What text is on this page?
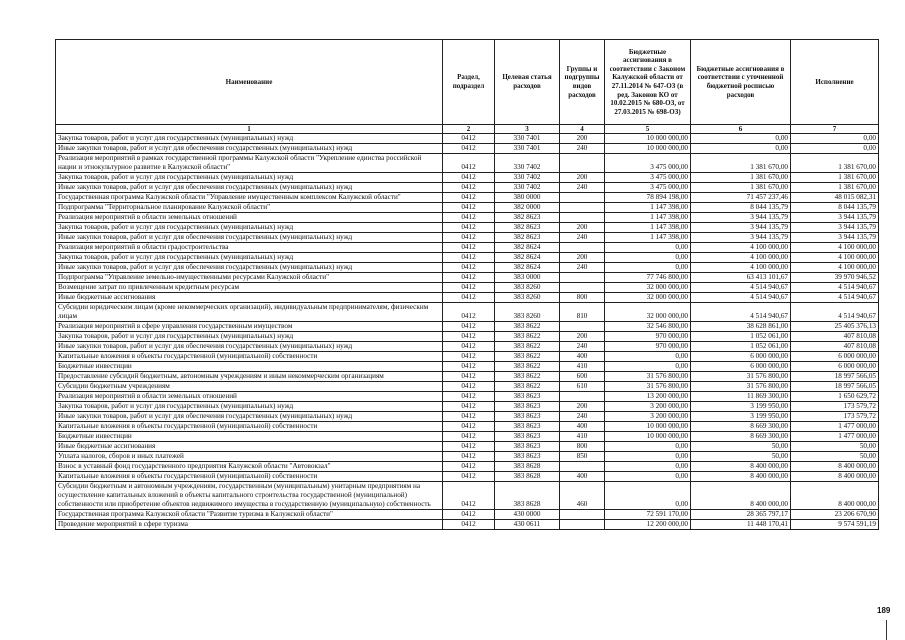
Наименование	Раздел, подраздел	Целевая статья расходов	Группы и подгруппы видов расходов	Бюджетные ассигнования в соответствии с Законом Калужской области от 27.11.2014 № 647-ОЗ (в ред. Законов КО от 10.02.2015 № 680-ОЗ, от 27.03.2015 № 698-ОЗ)	Бюджетные ассигнования в соответствии с уточненной бюджетной росписью расходов	Исполнение
1	2	3	4	5	6	7
Закупка товаров, работ и услуг для государственных (муниципальных) нужд	0412	330 7401	200	10 000 000,00	0,00	0,00
Иные закупки товаров, работ и услуг для обеспечения государственных (муниципальных) нужд	0412	330 7401	240	10 000 000,00	0,00	0,00
Реализация мероприятий в рамках государственной программы Калужской области "Укрепление единства российской нации и этнокультурное развитие в Калужской области"	0412	330 7402		3 475 000,00	1 381 670,00	1 381 670,00
Закупка товаров, работ и услуг для государственных (муниципальных) нужд	0412	330 7402	200	3 475 000,00	1 381 670,00	1 381 670,00
Иные закупки товаров, работ и услуг для обеспечения государственных (муниципальных) нужд	0412	330 7402	240	3 475 000,00	1 381 670,00	1 381 670,00
Государственная программа Калужской области "Управление имущественным комплексом Калужской области"	0412	380 0000		78 894 198,00	71 457 237,46	48 015 082,31
Подпрограмма "Территориальное планирование Калужской области"	0412	382 0000		1 147 398,00	8 044 135,79	8 044 135,79
Реализация мероприятий в области земельных отношений	0412	382 8623		1 147 398,00	3 944 135,79	3 944 135,79
Закупка товаров, работ и услуг для государственных (муниципальных) нужд	0412	382 8623	200	1 147 398,00	3 944 135,79	3 944 135,79
Иные закупки товаров, работ и услуг для обеспечения государственных (муниципальных) нужд	0412	382 8623	240	1 147 398,00	3 944 135,79	3 944 135,79
Реализация мероприятий в области градостроительства	0412	382 8624		0,00	4 100 000,00	4 100 000,00
Закупка товаров, работ и услуг для государственных (муниципальных) нужд	0412	382 8624	200	0,00	4 100 000,00	4 100 000,00
Иные закупки товаров, работ и услуг для обеспечения государственных (муниципальных) нужд	0412	382 8624	240	0,00	4 100 000,00	4 100 000,00
Подпрограмма "Управление земельно-имущественными ресурсами Калужской области"	0412	383 0000		77 746 800,00	63 413 101,67	39 970 946,52
Возмещение затрат по привлеченным кредитным ресурсам	0412	383 8260		32 000 000,00	4 514 940,67	4 514 940,67
Иные бюджетные ассигнования	0412	383 8260	800	32 000 000,00	4 514 940,67	4 514 940,67
Субсидии юридическим лицам (кроме некоммерческих организаций), индивидуальным предпринимателям, физическим лицам	0412	383 8260	810	32 000 000,00	4 514 940,67	4 514 940,67
Реализация мероприятий в сфере управления государственным имуществом	0412	383 8622		32 546 800,00	38 628 861,00	25 405 376,13
Закупка товаров, работ и услуг для государственных (муниципальных) нужд	0412	383 8622	200	970 000,00	1 052 061,00	407 810,08
Иные закупки товаров, работ и услуг для обеспечения государственных (муниципальных) нужд	0412	383 8622	240	970 000,00	1 052 061,00	407 810,08
Капитальные вложения в объекты государственной (муниципальной) собственности	0412	383 8622	400	0,00	6 000 000,00	6 000 000,00
Бюджетные инвестиции	0412	383 8622	410	0,00	6 000 000,00	6 000 000,00
Предоставление субсидий бюджетным, автономным учреждениям и иным некоммерческим организациям	0412	383 8622	600	31 576 800,00	31 576 800,00	18 997 566,05
Субсидии бюджетным учреждениям	0412	383 8622	610	31 576 800,00	31 576 800,00	18 997 566,05
Реализация мероприятий в области земельных отношений	0412	383 8623		13 200 000,00	11 869 300,00	1 650 629,72
Закупка товаров, работ и услуг для государственных (муниципальных) нужд	0412	383 8623	200	3 200 000,00	3 199 950,00	173 579,72
Иные закупки товаров, работ и услуг для обеспечения государственных (муниципальных) нужд	0412	383 8623	240	3 200 000,00	3 199 950,00	173 579,72
Капитальные вложения в объекты государственной (муниципальной) собственности	0412	383 8623	400	10 000 000,00	8 669 300,00	1 477 000,00
Бюджетные инвестиции	0412	383 8623	410	10 000 000,00	8 669 300,00	1 477 000,00
Иные бюджетные ассигнования	0412	383 8623	800	0,00	50,00	50,00
Уплата налогов, сборов и иных платежей	0412	383 8623	850	0,00	50,00	50,00
Взнос в уставный фонд государственного предприятия Калужской области "Автовокзал"	0412	383 8628		0,00	8 400 000,00	8 400 000,00
Капитальные вложения в объекты государственной (муниципальной) собственности	0412	383 8628	400	0,00	8 400 000,00	8 400 000,00
Субсидии бюджетным и автономным учреждениям, государственным (муниципальным) унитарным предприятиям на осуществление капитальных вложений в объекты капитального строительства государственной (муниципальной) собственности или приобретение объектов недвижимого имущества в государственную (муниципальную) собственность	0412	383 8628	460	0,00	8 400 000,00	8 400 000,00
Государственная программа Калужской области "Развитие туризма в Калужской области"	0412	430 0000		72 591 170,00	28 365 797,17	23 206 670,90
Проведение мероприятий в сфере туризма	0412	430 0611		12 200 000,00	11 448 170,41	9 574 591,19
189
